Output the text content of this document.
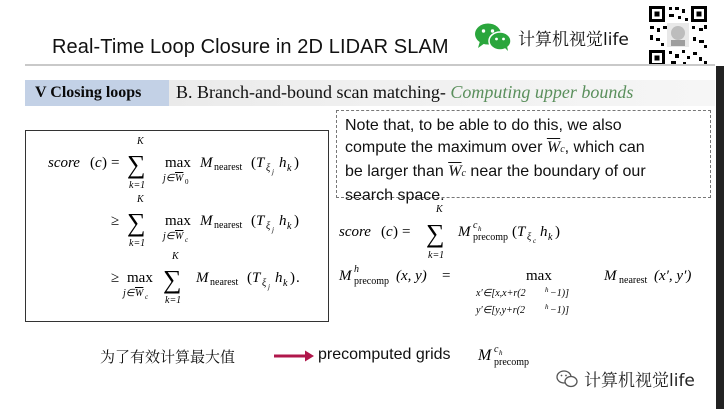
Real-Time Loop Closure in 2D LIDAR SLAM	计算机视觉life
V Closing loops B. Branch-and-bound scan matching- Computing upper bounds
score ( c ) =
K
∑
k=1
max
j∈ W 0
M nearest ( T ξ j
h k )
≥
K
∑
k=1
max
j∈ W c
M nearest ( T ξ j
h k )
≥ max
j∈ W c
K
∑
k=1
M nearest ( T ξ j
h k ) .
Note that, to be able to do this, we also
compute the maximum over $\overline{W}c$, which can
be larger than $\overline{W}c$ near the boundary of our
search space.
score ( c ) =
K
∑
k=1
M precomp
c h ( T ξ c
h k )
M precomp
h (x, y) =	max
x′∈[x,x+r(2	h −1)]
y′∈[y,y+r(2	h −1)]
M nearest (x′, y′)
为了有效计算最大值	precomputed grids M precomp
c h
计算机视觉life
